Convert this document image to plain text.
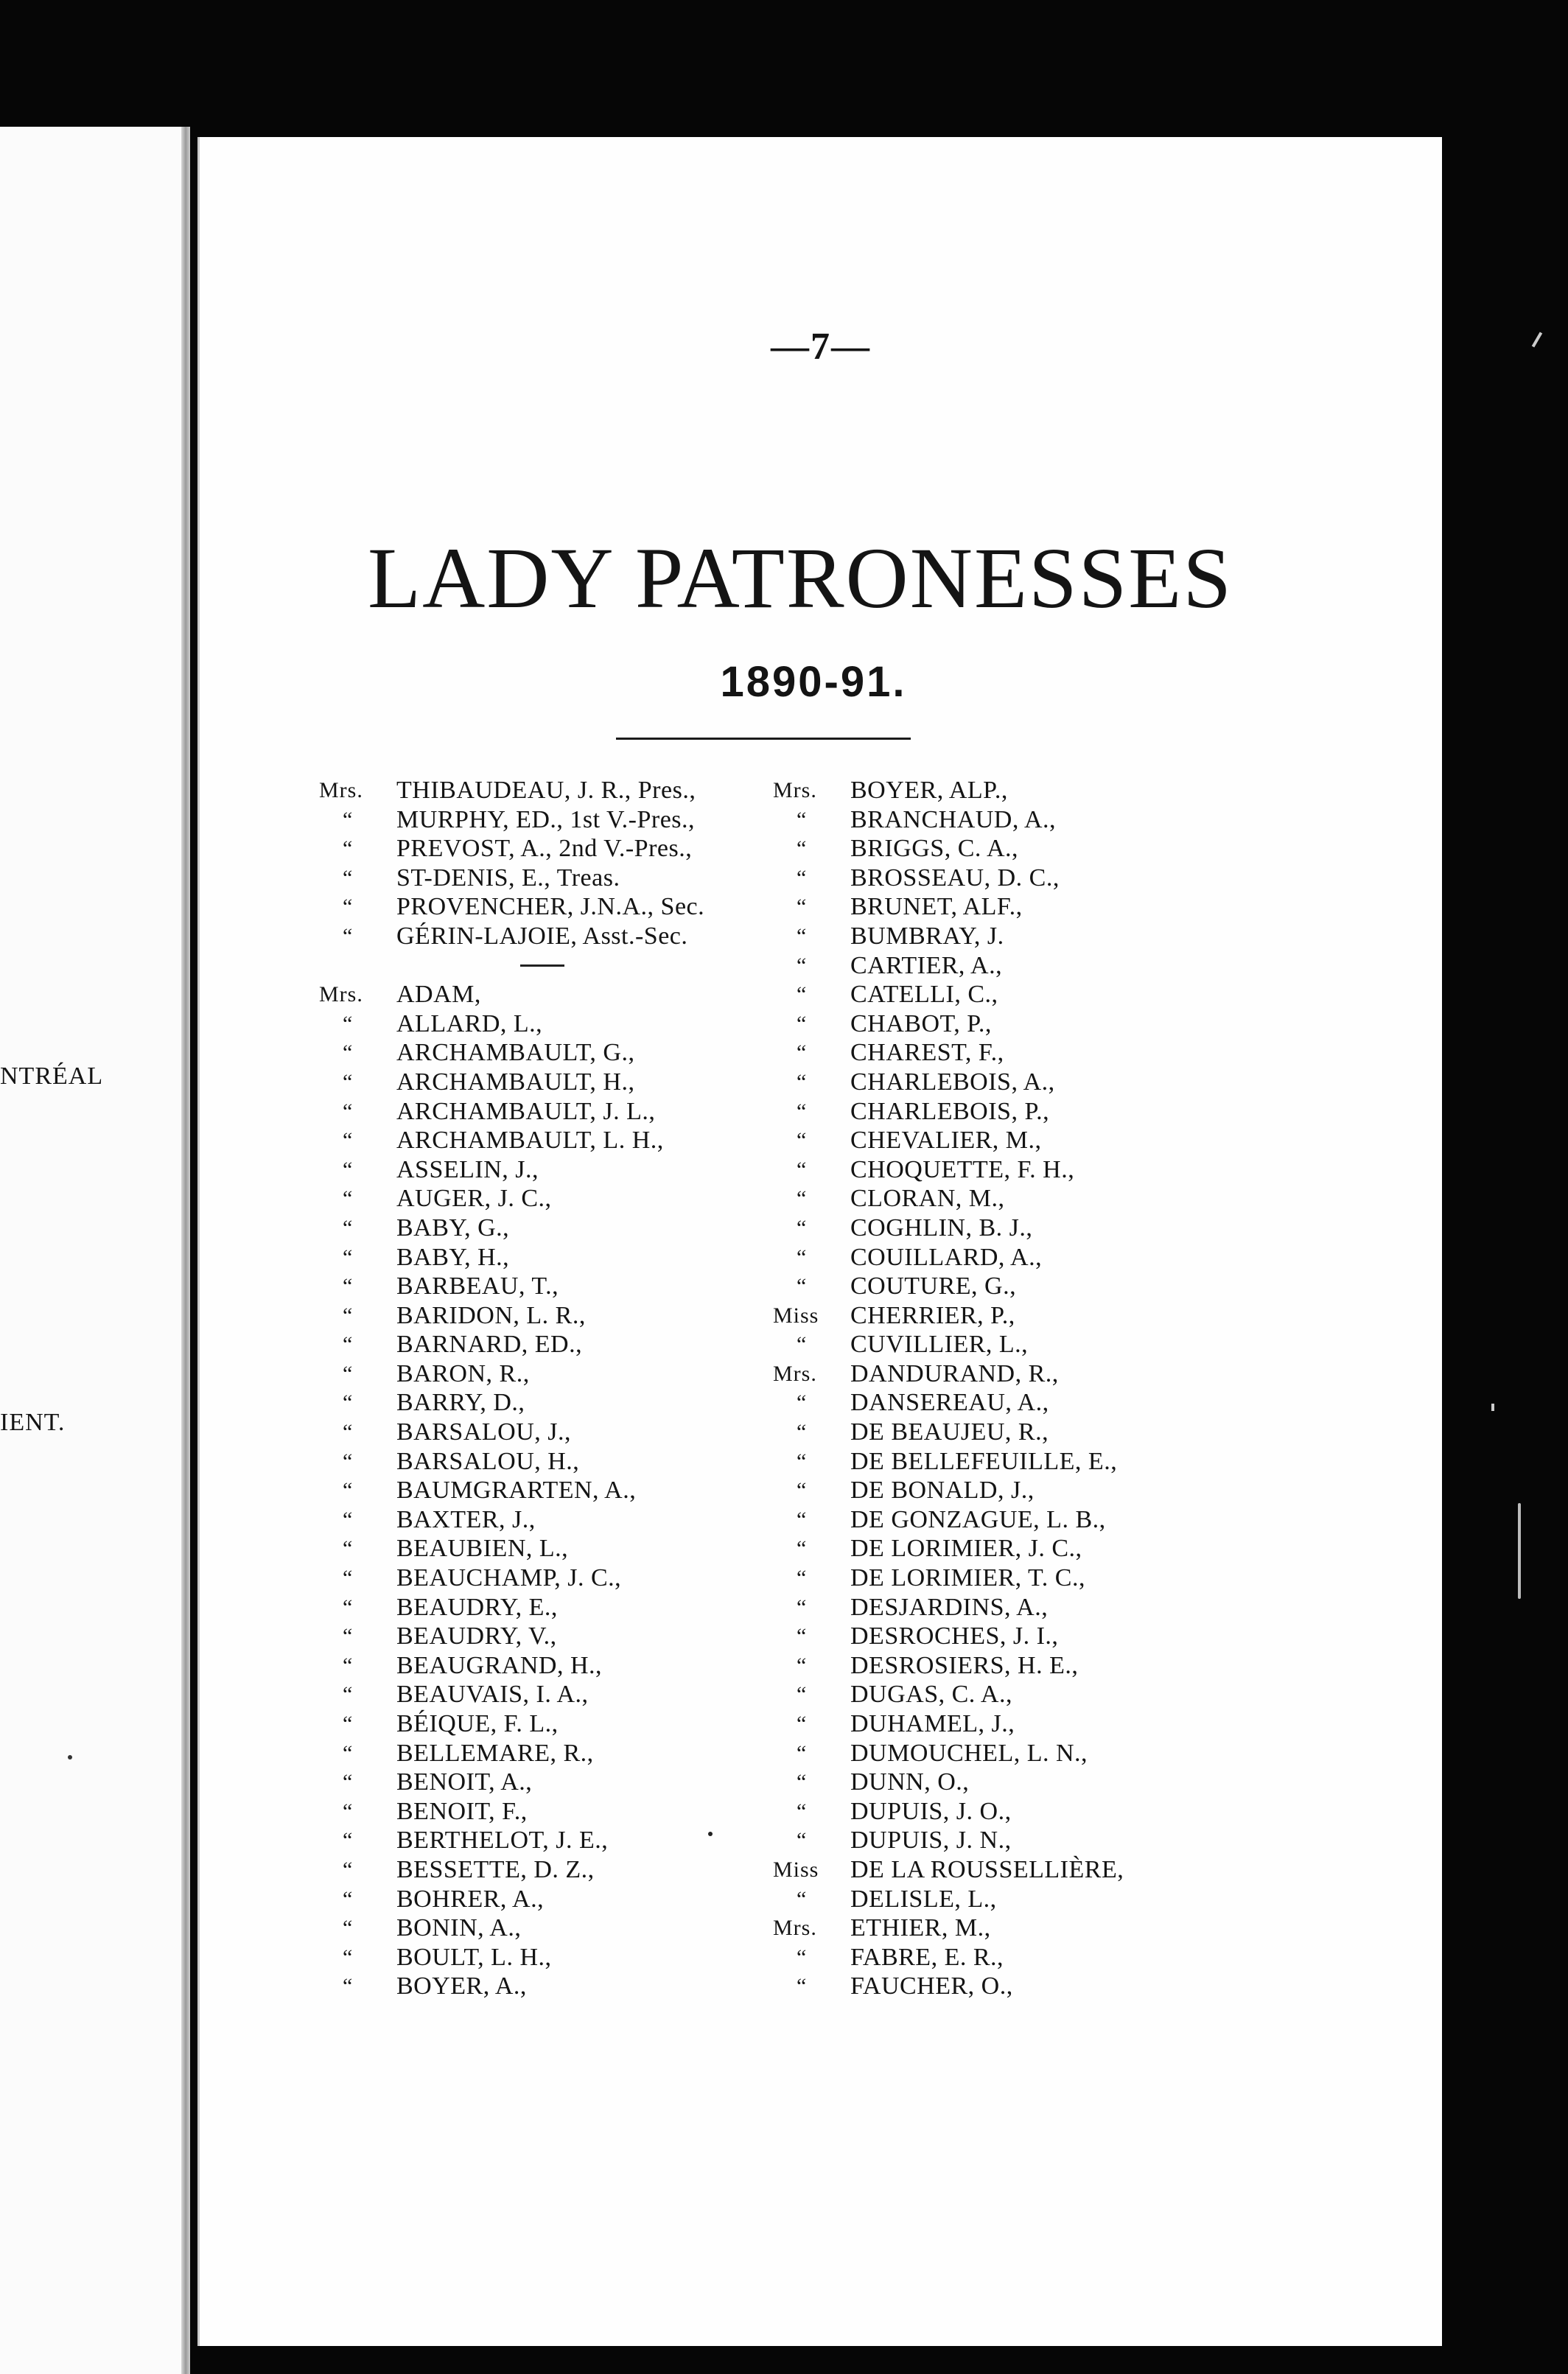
NTRÉAL
IENT.
—7—
LADY PATRONESSES
1890-91.
Mrs.	THIBAUDEAU, J. R., Pres.,
“	MURPHY, ED., 1st V.-Pres.,
“	PREVOST, A., 2nd V.-Pres.,
“	ST-DENIS, E., Treas.
“	PROVENCHER, J.N.A., Sec.
“	GÉRIN-LAJOIE, Asst.-Sec.
Mrs.	ADAM,
“	ALLARD, L.,
“	ARCHAMBAULT, G.,
“	ARCHAMBAULT, H.,
“	ARCHAMBAULT, J. L.,
“	ARCHAMBAULT, L. H.,
“	ASSELIN, J.,
“	AUGER, J. C.,
“	BABY, G.,
“	BABY, H.,
“	BARBEAU, T.,
“	BARIDON, L. R.,
“	BARNARD, ED.,
“	BARON, R.,
“	BARRY, D.,
“	BARSALOU, J.,
“	BARSALOU, H.,
“	BAUMGRARTEN, A.,
“	BAXTER, J.,
“	BEAUBIEN, L.,
“	BEAUCHAMP, J. C.,
“	BEAUDRY, E.,
“	BEAUDRY, V.,
“	BEAUGRAND, H.,
“	BEAUVAIS, I. A.,
“	BÉIQUE, F. L.,
“	BELLEMARE, R.,
“	BENOIT, A.,
“	BENOIT, F.,
“	BERTHELOT, J. E.,
“	BESSETTE, D. Z.,
“	BOHRER, A.,
“	BONIN, A.,
“	BOULT, L. H.,
“	BOYER, A.,
Mrs.	BOYER, ALP.,
“	BRANCHAUD, A.,
“	BRIGGS, C. A.,
“	BROSSEAU, D. C.,
“	BRUNET, ALF.,
“	BUMBRAY, J.
“	CARTIER, A.,
“	CATELLI, C.,
“	CHABOT, P.,
“	CHAREST, F.,
“	CHARLEBOIS, A.,
“	CHARLEBOIS, P.,
“	CHEVALIER, M.,
“	CHOQUETTE, F. H.,
“	CLORAN, M.,
“	COGHLIN, B. J.,
“	COUILLARD, A.,
“	COUTURE, G.,
Miss	CHERRIER, P.,
“	CUVILLIER, L.,
Mrs.	DANDURAND, R.,
“	DANSEREAU, A.,
“	DE BEAUJEU, R.,
“	DE BELLEFEUILLE, E.,
“	DE BONALD, J.,
“	DE GONZAGUE, L. B.,
“	DE LORIMIER, J. C.,
“	DE LORIMIER, T. C.,
“	DESJARDINS, A.,
“	DESROCHES, J. I.,
“	DESROSIERS, H. E.,
“	DUGAS, C. A.,
“	DUHAMEL, J.,
“	DUMOUCHEL, L. N.,
“	DUNN, O.,
“	DUPUIS, J. O.,
“	DUPUIS, J. N.,
Miss	DE LA ROUSSELLIÈRE,
“	DELISLE, L.,
Mrs.	ETHIER, M.,
“	FABRE, E. R.,
“	FAUCHER, O.,
